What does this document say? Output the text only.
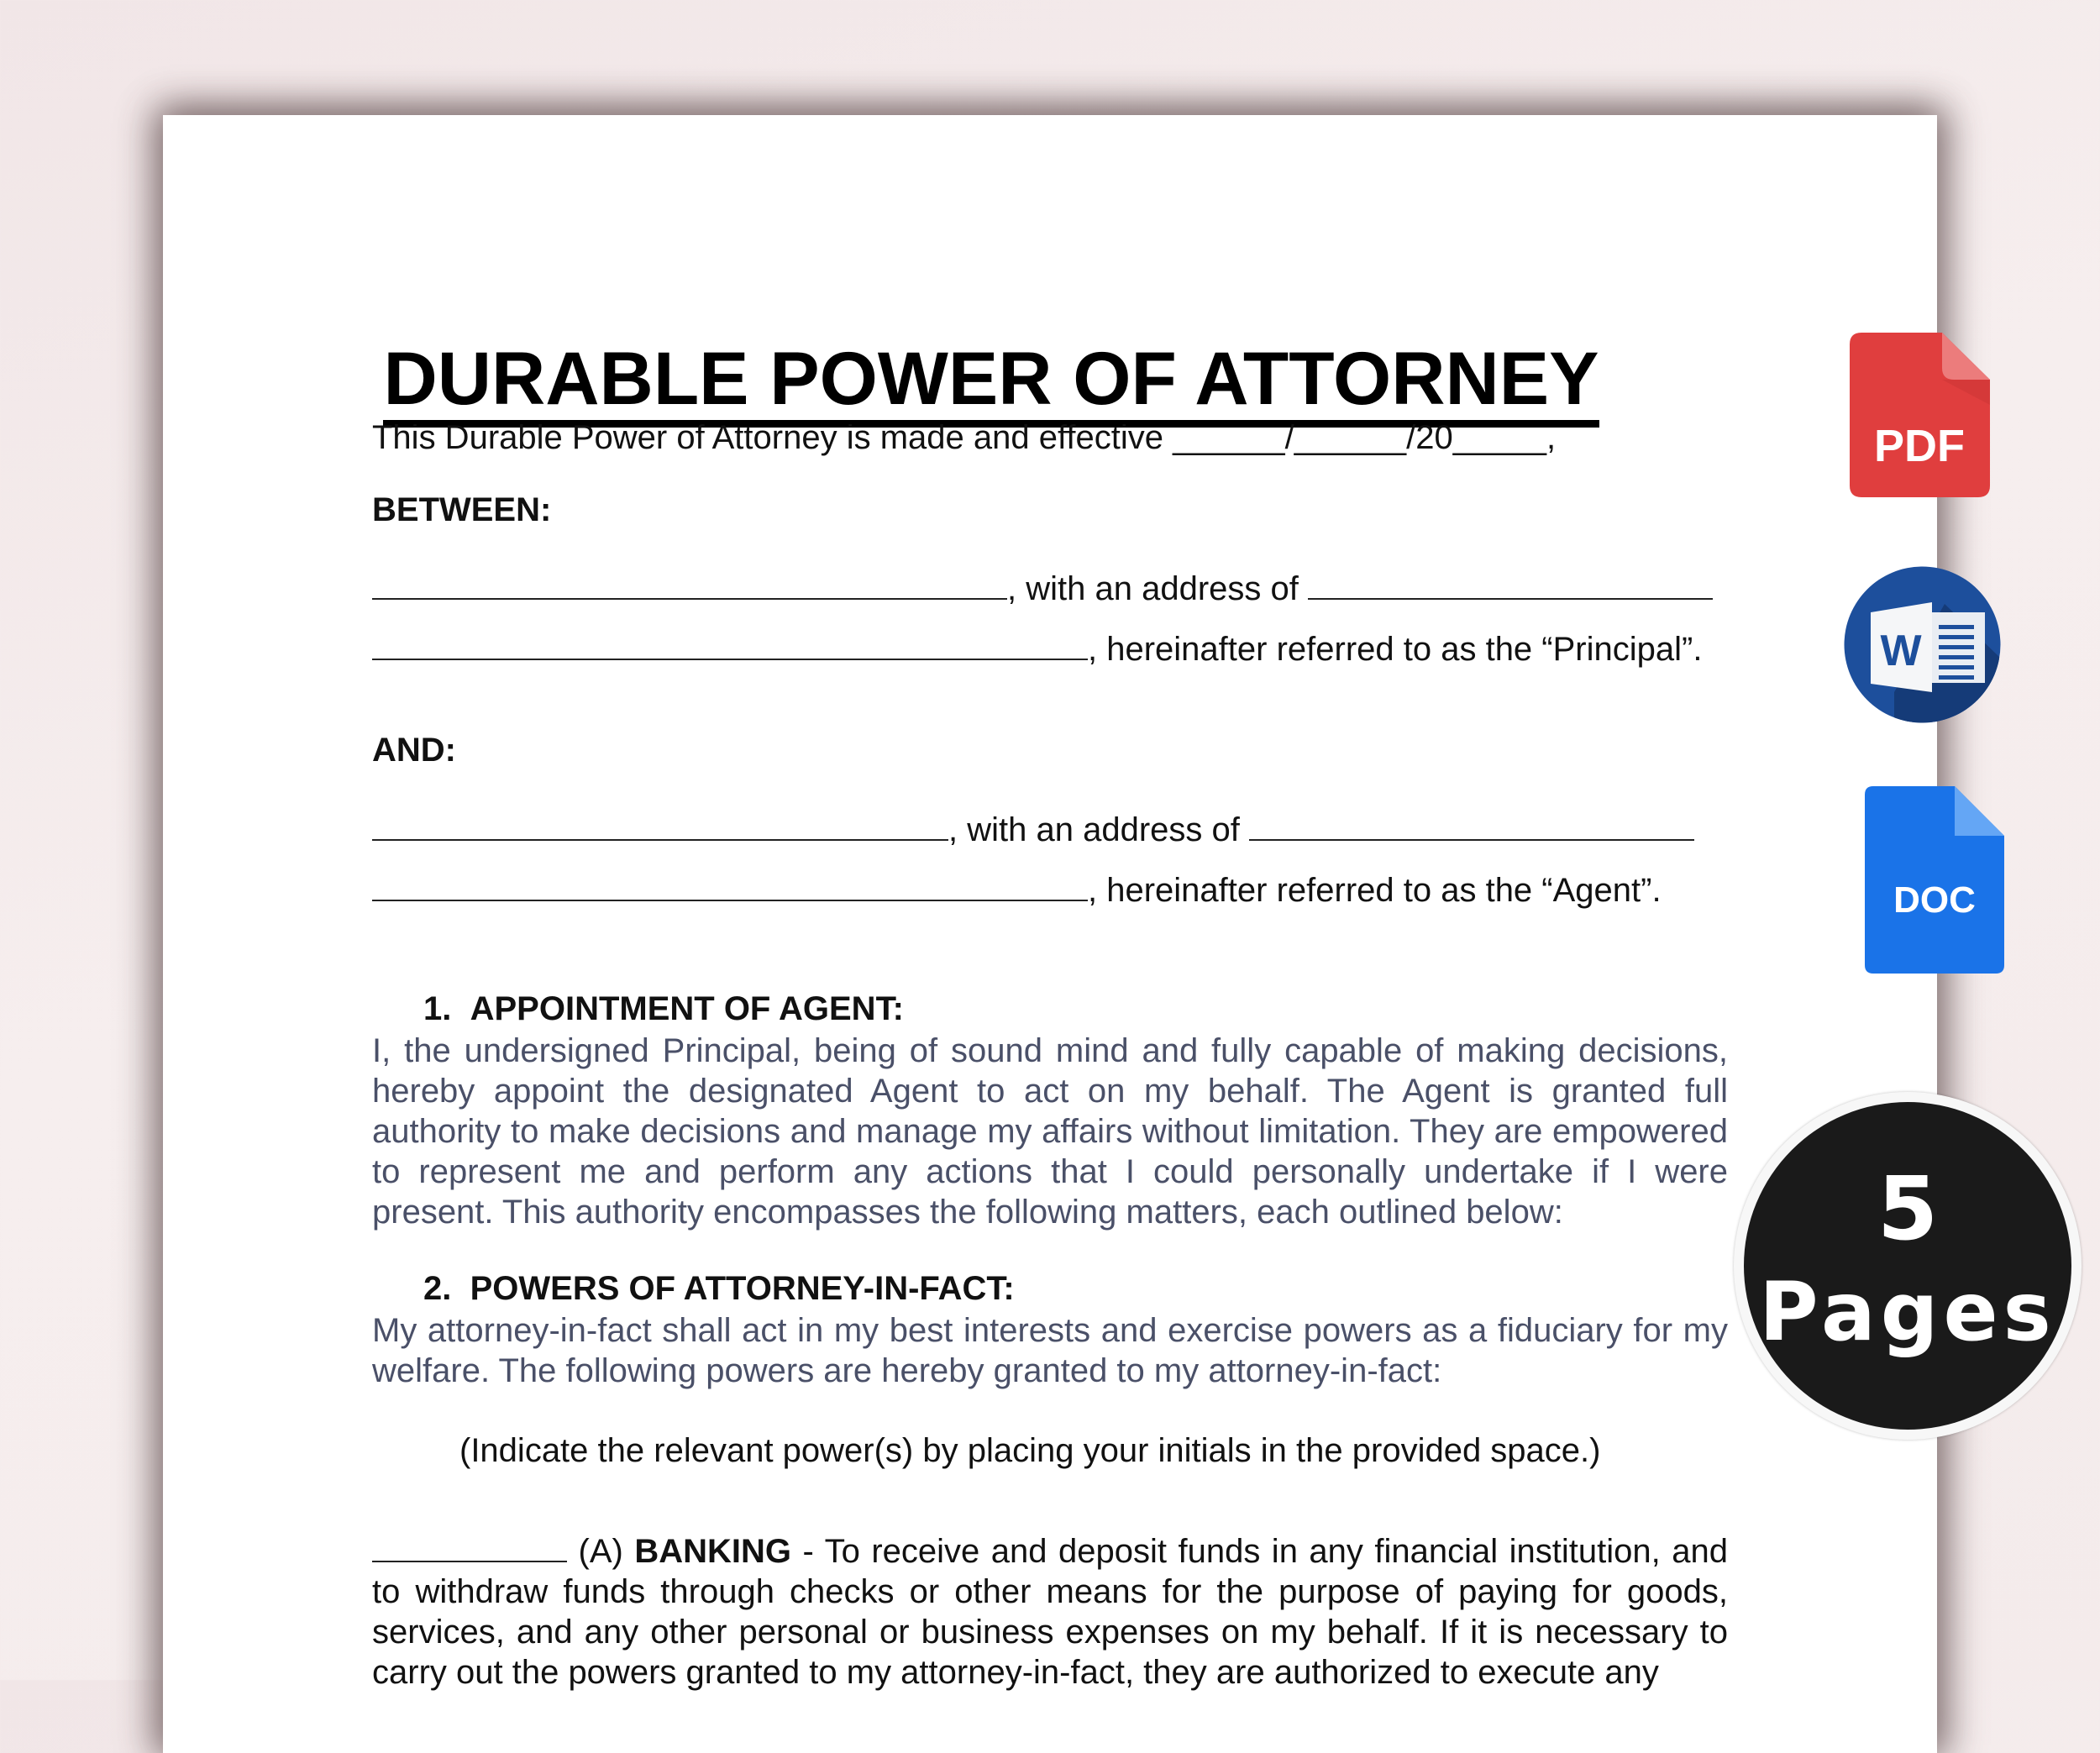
DURABLE POWER OF ATTORNEY
This Durable Power of Attorney is made and effective ______/______/20_____,
BETWEEN:
, with an address of
, hereinafter referred to as the “Principal”.
AND:
, with an address of
, hereinafter referred to as the “Agent”.
1. APPOINTMENT OF AGENT:
I, the undersigned Principal, being of sound mind and fully capable of making decisions, hereby appoint the designated Agent to act on my behalf. The Agent is granted full authority to make decisions and manage my affairs without limitation. They are empowered to represent me and perform any actions that I could personally undertake if I were present. This authority encompasses the following matters, each outlined below:
2. POWERS OF ATTORNEY-IN-FACT:
My attorney-in-fact shall act in my best interests and exercise powers as a fiduciary for my welfare. The following powers are hereby granted to my attorney-in-fact:
(Indicate the relevant power(s) by placing your initials in the provided space.)
(A) BANKING - To receive and deposit funds in any financial institution, and to withdraw funds through checks or other means for the purpose of paying for goods, services, and any other personal or business expenses on my behalf. If it is necessary to carry out the powers granted to my attorney-in-fact, they are authorized to execute any
PDF
W
DOC
5
Pages
